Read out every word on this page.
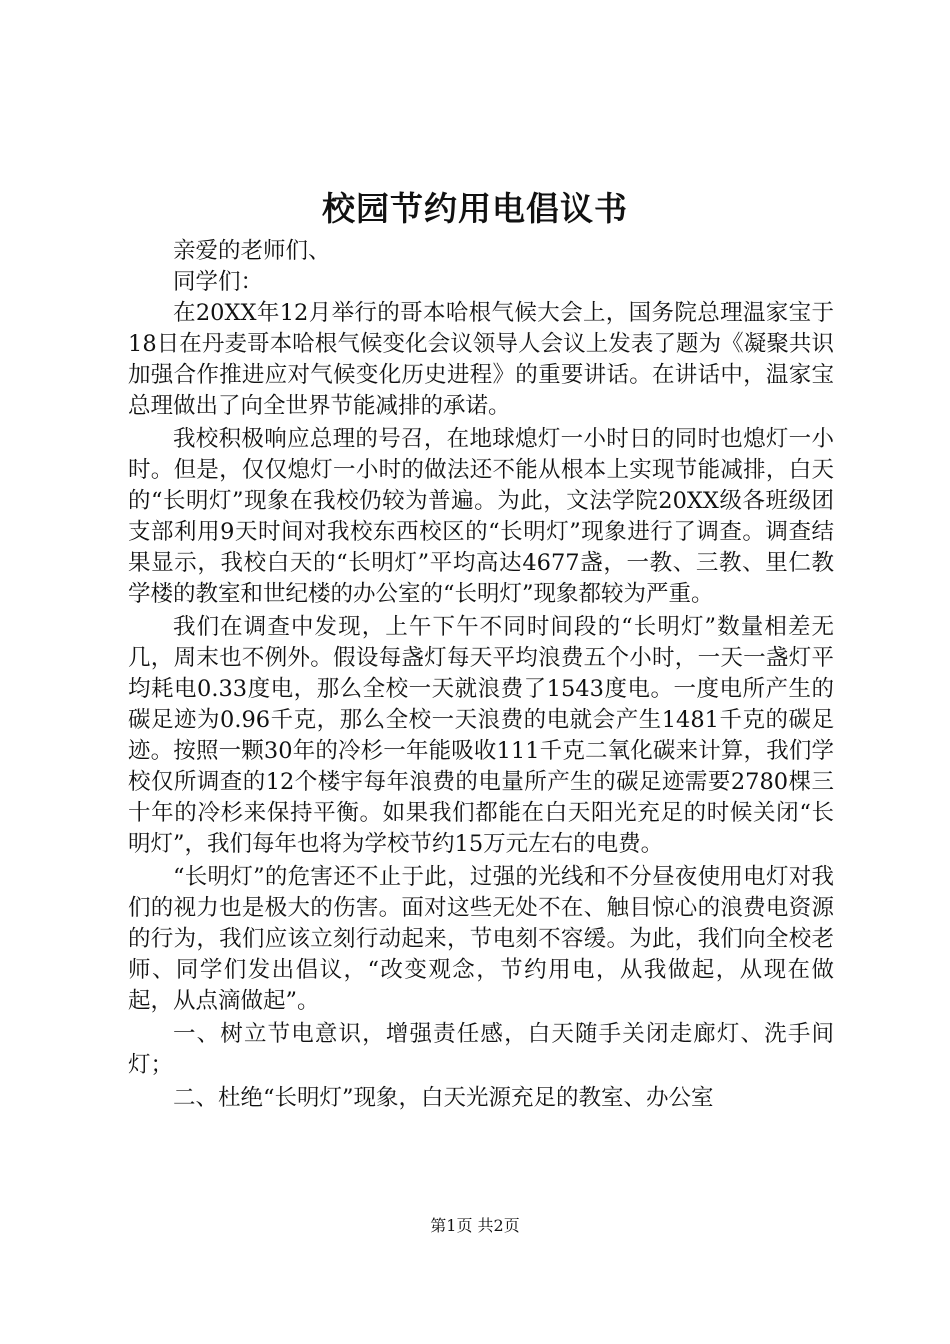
校园节约用电倡议书

亲爱的老师们、

同学们：

在20XX年12月举行的哥本哈根气候大会上，国务院总理温家宝于18日在丹麦哥本哈根气候变化会议领导人会议上发表了题为《凝聚共识加强合作推进应对气候变化历史进程》的重要讲话。在讲话中，温家宝总理做出了向全世界节能减排的承诺。

我校积极响应总理的号召，在地球熄灯一小时日的同时也熄灯一小时。但是，仅仅熄灯一小时的做法还不能从根本上实现节能减排，白天的“长明灯”现象在我校仍较为普遍。为此，文法学院20XX级各班级团支部利用9天时间对我校东西校区的“长明灯”现象进行了调查。调查结果显示，我校白天的“长明灯”平均高达4677盏，一教、三教、里仁教学楼的教室和世纪楼的办公室的“长明灯”现象都较为严重。

我们在调查中发现，上午下午不同时间段的“长明灯”数量相差无几，周末也不例外。假设每盏灯每天平均浪费五个小时，一天一盏灯平均耗电0.33度电，那么全校一天就浪费了1543度电。一度电所产生的碳足迹为0.96千克，那么全校一天浪费的电就会产生1481千克的碳足迹。按照一颗30年的冷杉一年能吸收111千克二氧化碳来计算，我们学校仅所调查的12个楼宇每年浪费的电量所产生的碳足迹需要2780棵三十年的冷杉来保持平衡。如果我们都能在白天阳光充足的时候关闭“长明灯”，我们每年也将为学校节约15万元左右的电费。

“长明灯”的危害还不止于此，过强的光线和不分昼夜使用电灯对我们的视力也是极大的伤害。面对这些无处不在、触目惊心的浪费电资源的行为，我们应该立刻行动起来，节电刻不容缓。为此，我们向全校老师、同学们发出倡议，“改变观念，节约用电，从我做起，从现在做起，从点滴做起”。

一、树立节电意识，增强责任感，白天随手关闭走廊灯、洗手间灯；

二、杜绝“长明灯”现象，白天光源充足的教室、办公室

第1页 共2页
